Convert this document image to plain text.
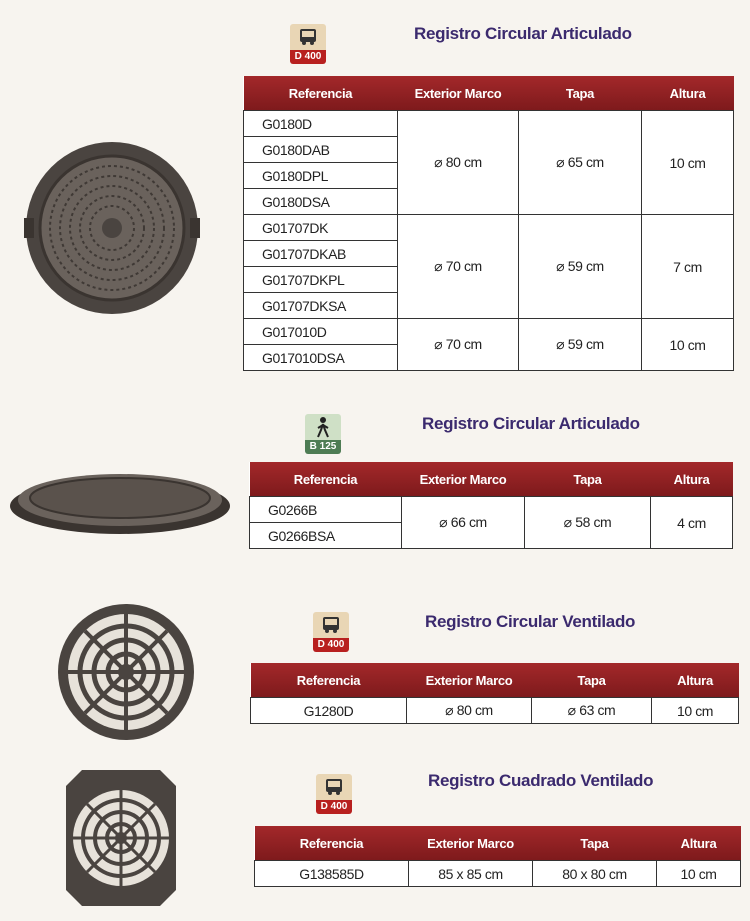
D 400
Registro Circular Articulado
Referencia	Exterior Marco	Tapa	Altura
G0180D	⌀ 80 cm	⌀ 65 cm	10 cm
G0180DAB			
G0180DPL			
G0180DSA			
G01707DK	⌀ 70 cm	⌀ 59 cm	7 cm
G01707DKAB			
G01707DKPL			
G01707DKSA			
G017010D	⌀ 70 cm	⌀ 59 cm	10 cm
G017010DSA			
B 125
Registro Circular Articulado
Referencia	Exterior Marco	Tapa	Altura
G0266B	⌀ 66 cm	⌀ 58 cm	4 cm
G0266BSA			
D 400
Registro Circular Ventilado
Referencia	Exterior Marco	Tapa	Altura
G1280D	⌀ 80 cm	⌀ 63 cm	10 cm
D 400
Registro Cuadrado Ventilado
Referencia	Exterior Marco	Tapa	Altura
G138585D	85 x 85 cm	80 x 80 cm	10 cm
